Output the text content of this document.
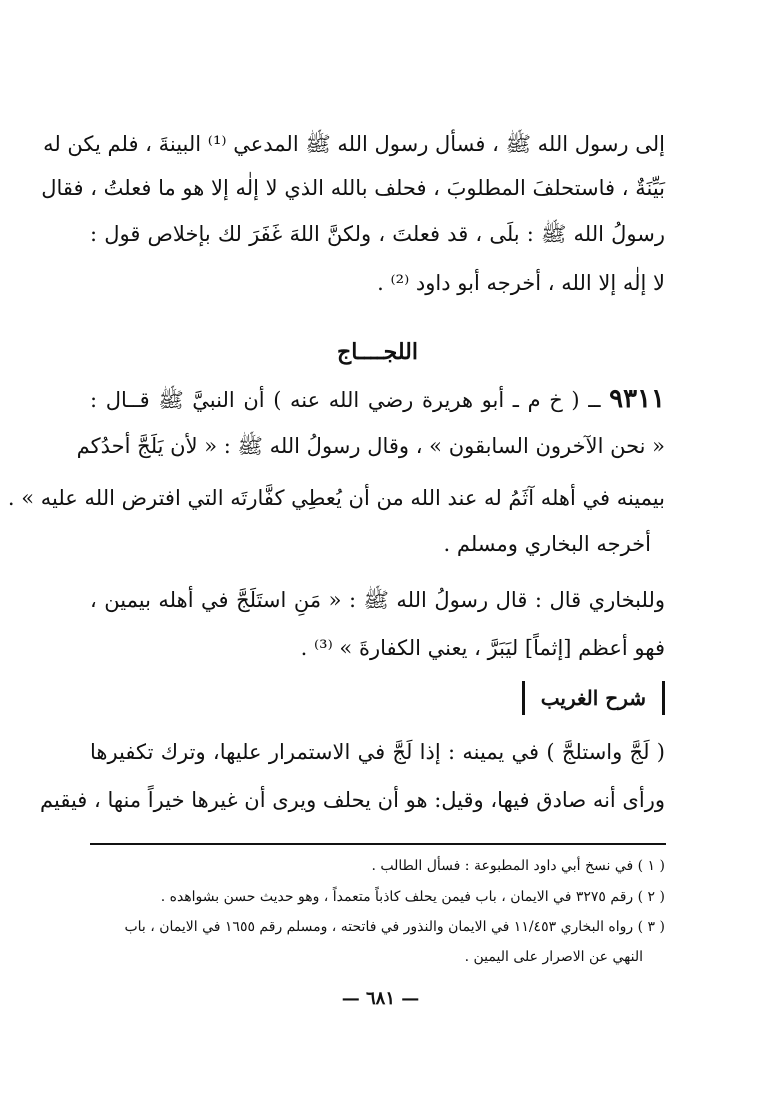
إلى رسول الله ﷺ ، فسأل رسول الله ﷺ المدعي ⁽¹⁾ البينةَ ، فلم يكن له
بَيِّنَةٌ ، فاستحلفَ المطلوبَ ، فحلف بالله الذي لا إلٰه إلا هو ما فعلتُ ، فقال
رسولُ الله ﷺ : بلَى ، قد فعلتَ ، ولكنَّ اللهَ غَفَرَ لك بإخلاص قول :
لا إلٰه إلا الله ، أخرجه أبو داود ⁽²⁾ .
اللجــــاج
٩٣١١ ــ ( خ م ـ أبو هريرة رضي الله عنه ) أن النبيَّ ﷺ قــال :
« نحن الآخرون السابقون » ، وقال رسولُ الله ﷺ : « لأن يَلَجَّ أحدُكم
بيمينه في أهله آثَمُ له عند الله من أن يُعطِي كفَّارتَه التي افترض الله عليه » .
أخرجه البخاري ومسلم .
وللبخاري قال : قال رسولُ الله ﷺ : « مَنِ استَلَجَّ في أهله بيمين ،
فهو أعظم [إثماً] ليَبَرَّ ، يعني الكفارةَ » ⁽³⁾ .
شرح الغريب
( لَجَّ واستلجَّ ) في يمينه : إذا لَجَّ في الاستمرار عليها، وترك تكفيرها
ورأى أنه صادق فيها، وقيل: هو أن يحلف ويرى أن غيرها خيراً منها ، فيقيم
( ١ ) في نسخ أبي داود المطبوعة : فسأل الطالب .
( ٢ ) رقم ٣٢٧٥ في الايمان ، باب فيمن يحلف كاذباً متعمداً ، وهو حديث حسن بشواهده .
( ٣ ) رواه البخاري ١١/٤٥٣ في الايمان والنذور في فاتحته ، ومسلم رقم ١٦٥٥ في الايمان ، باب
النهي عن الاصرار على اليمين .
— ٦٨١ —
